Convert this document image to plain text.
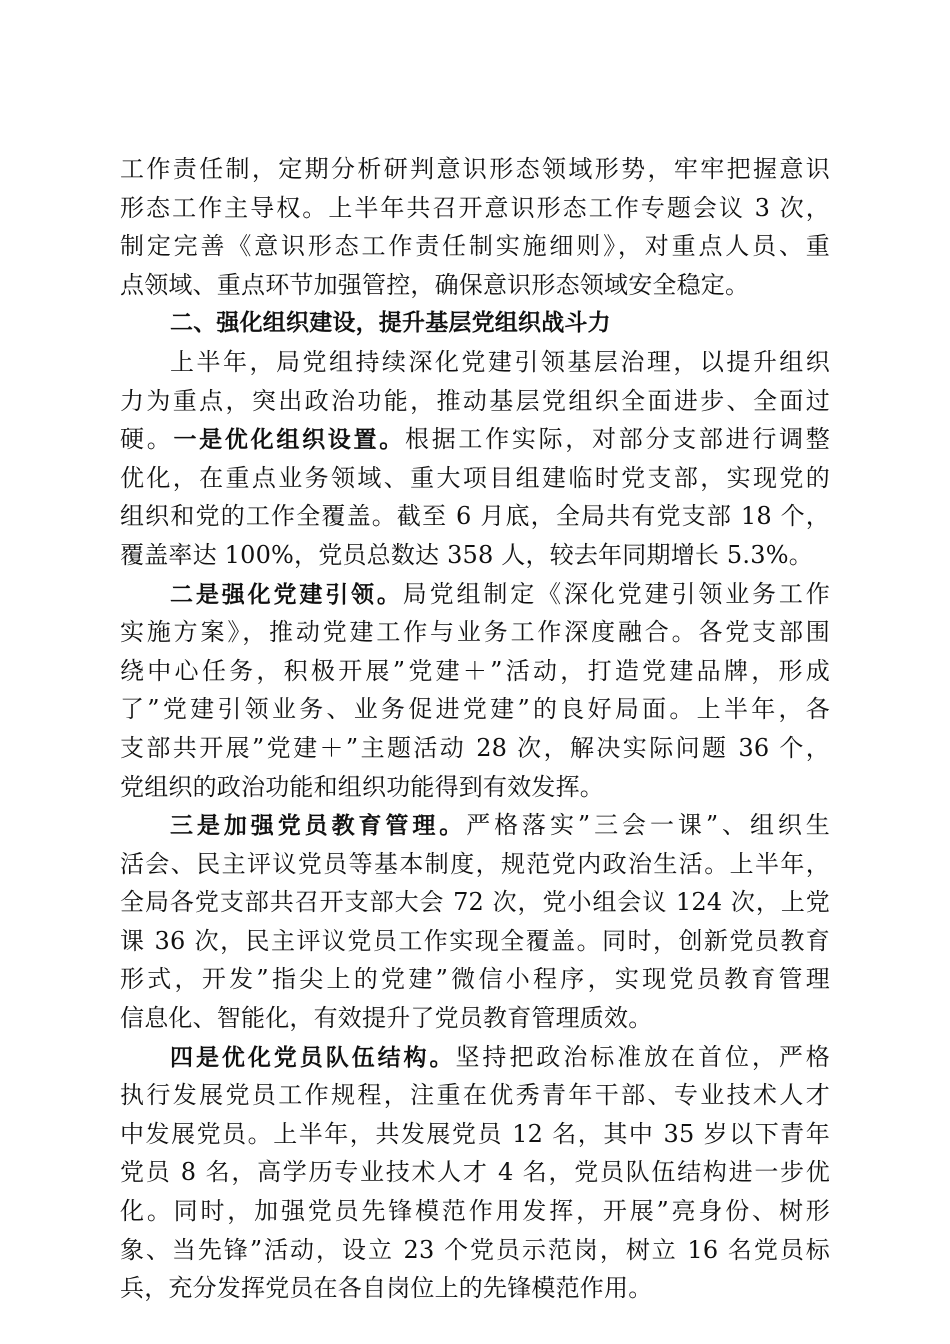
工作责任制，定期分析研判意识形态领域形势，牢牢把握意识
形态工作主导权。上半年共召开意识形态工作专题会议 3 次，
制定完善《意识形态工作责任制实施细则》，对重点人员、重
点领域、重点环节加强管控，确保意识形态领域安全稳定。
二、强化组织建设，提升基层党组织战斗力
上半年，局党组持续深化党建引领基层治理，以提升组织
力为重点，突出政治功能，推动基层党组织全面进步、全面过
硬。一是优化组织设置。根据工作实际，对部分支部进行调整
优化，在重点业务领域、重大项目组建临时党支部，实现党的
组织和党的工作全覆盖。截至 6 月底，全局共有党支部 18 个，
覆盖率达 100%，党员总数达 358 人，较去年同期增长 5.3%。
二是强化党建引领。局党组制定《深化党建引领业务工作
实施方案》，推动党建工作与业务工作深度融合。各党支部围
绕中心任务，积极开展”党建＋”活动，打造党建品牌，形成
了”党建引领业务、业务促进党建”的良好局面。上半年，各
支部共开展”党建＋”主题活动 28 次，解决实际问题 36 个，
党组织的政治功能和组织功能得到有效发挥。
三是加强党员教育管理。严格落实”三会一课”、组织生
活会、民主评议党员等基本制度，规范党内政治生活。上半年，
全局各党支部共召开支部大会 72 次，党小组会议 124 次，上党
课 36 次，民主评议党员工作实现全覆盖。同时，创新党员教育
形式，开发”指尖上的党建”微信小程序，实现党员教育管理
信息化、智能化，有效提升了党员教育管理质效。
四是优化党员队伍结构。坚持把政治标准放在首位，严格
执行发展党员工作规程，注重在优秀青年干部、专业技术人才
中发展党员。上半年，共发展党员 12 名，其中 35 岁以下青年
党员 8 名，高学历专业技术人才 4 名，党员队伍结构进一步优
化。同时，加强党员先锋模范作用发挥，开展”亮身份、树形
象、当先锋”活动，设立 23 个党员示范岗，树立 16 名党员标
兵，充分发挥党员在各自岗位上的先锋模范作用。
